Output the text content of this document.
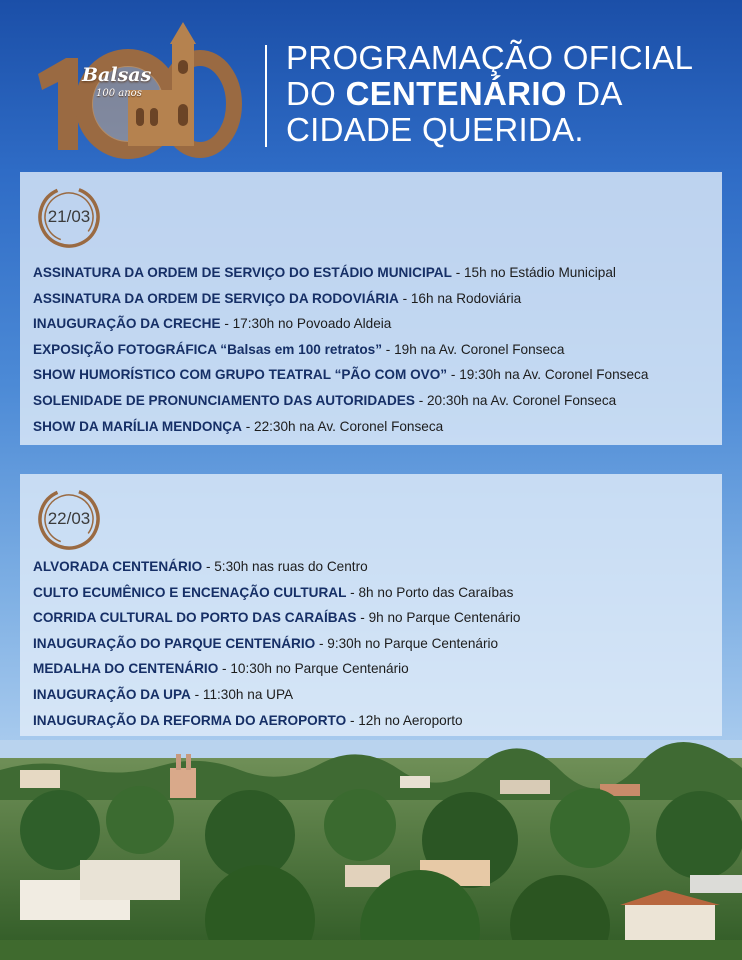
Balsas
100 anos
PROGRAMAÇÃO OFICIAL
DO CENTENÁRIO DA
CIDADE QUERIDA.
21/03
ASSINATURA DA ORDEM DE SERVIÇO DO ESTÁDIO MUNICIPAL - 15h no Estádio Municipal
ASSINATURA DA ORDEM DE SERVIÇO DA RODOVIÁRIA - 16h na Rodoviária
INAUGURAÇÃO DA CRECHE - 17:30h no Povoado Aldeia
EXPOSIÇÃO FOTOGRÁFICA “Balsas em 100 retratos” - 19h na Av. Coronel Fonseca
SHOW HUMORÍSTICO COM GRUPO TEATRAL “PÃO COM OVO” - 19:30h na Av. Coronel Fonseca
SOLENIDADE DE PRONUNCIAMENTO DAS AUTORIDADES - 20:30h na Av. Coronel Fonseca
SHOW DA MARÍLIA MENDONÇA - 22:30h na Av. Coronel Fonseca
22/03
ALVORADA CENTENÁRIO - 5:30h nas ruas do Centro
CULTO ECUMÊNICO E ENCENAÇÃO CULTURAL - 8h no Porto das Caraíbas
CORRIDA CULTURAL DO PORTO DAS CARAÍBAS - 9h no Parque Centenário
INAUGURAÇÃO DO PARQUE CENTENÁRIO - 9:30h no Parque Centenário
MEDALHA DO CENTENÁRIO - 10:30h no Parque Centenário
INAUGURAÇÃO DA UPA - 11:30h na UPA
INAUGURAÇÃO DA REFORMA DO AEROPORTO - 12h no Aeroporto
